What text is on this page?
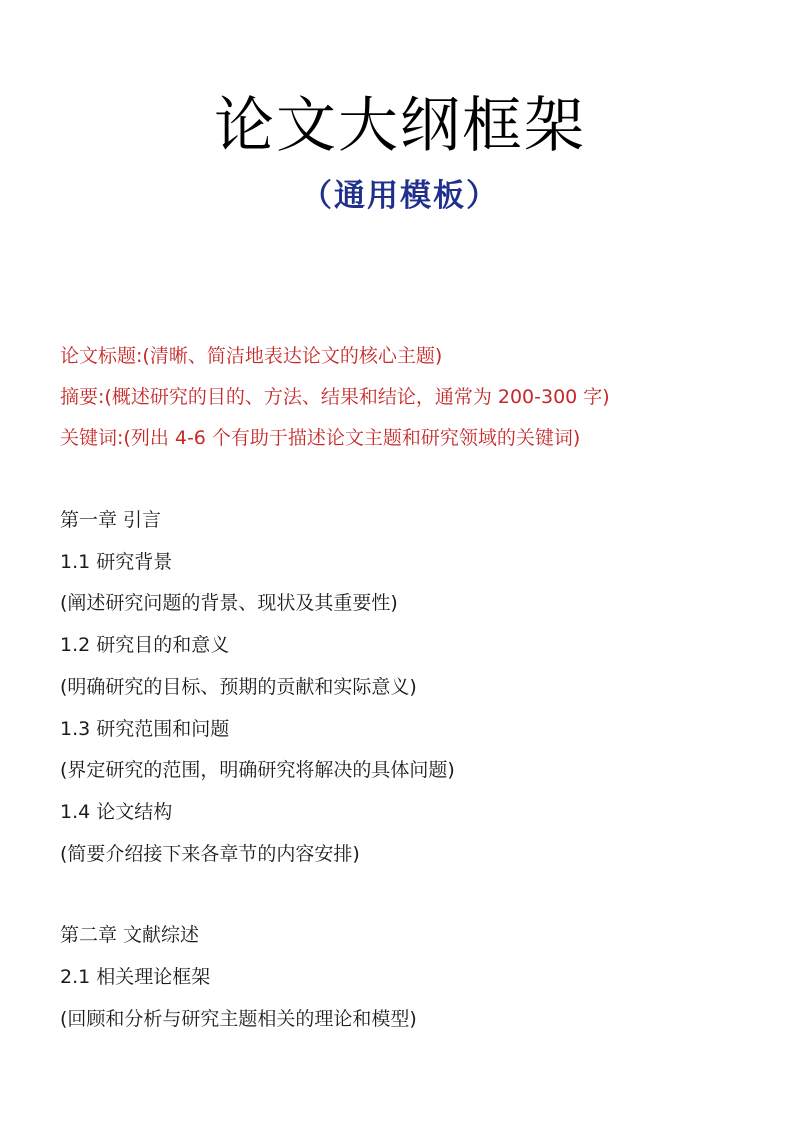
论文大纲框架
（通用模板）
论文标题:(清晰、简洁地表达论文的核心主题)
摘要:(概述研究的目的、方法、结果和结论，通常为 200-300 字)
关键词:(列出 4-6 个有助于描述论文主题和研究领域的关键词)
第一章 引言
1.1 研究背景
(阐述研究问题的背景、现状及其重要性)
1.2 研究目的和意义
(明确研究的目标、预期的贡献和实际意义)
1.3 研究范围和问题
(界定研究的范围，明确研究将解决的具体问题)
1.4 论文结构
(简要介绍接下来各章节的内容安排)
第二章 文献综述
2.1 相关理论框架
(回顾和分析与研究主题相关的理论和模型)
